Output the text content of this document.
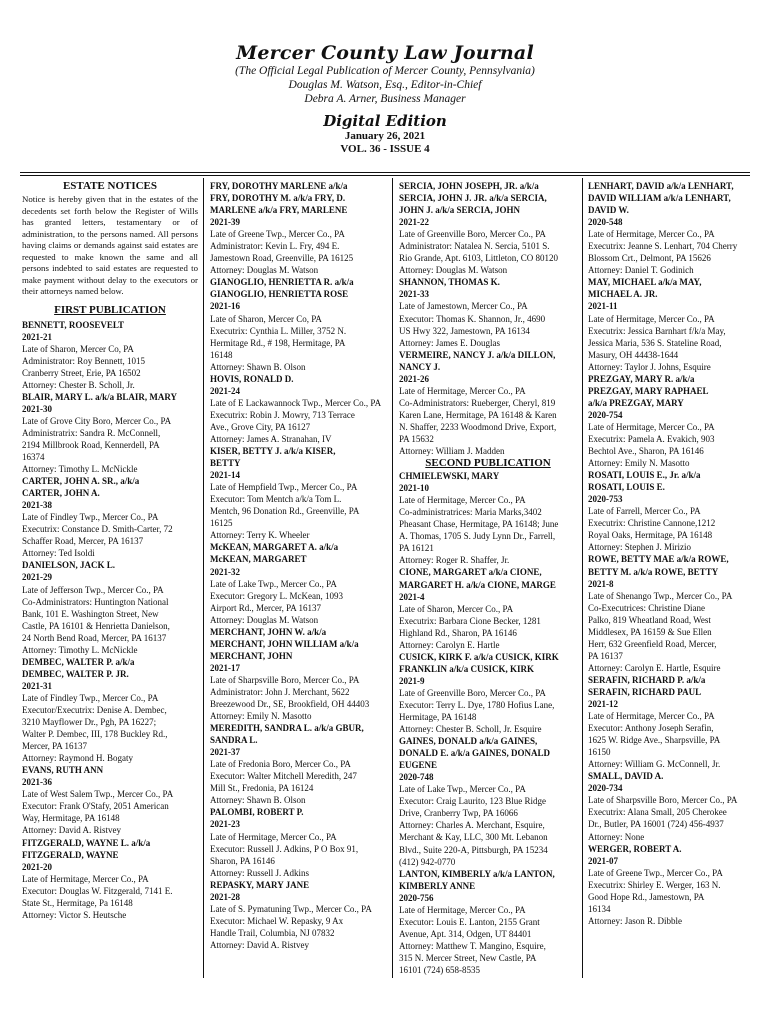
Mercer County Law Journal
(The Official Legal Publication of Mercer County, Pennsylvania)
Douglas M. Watson, Esq., Editor-in-Chief
Debra A. Arner, Business Manager
Digital Edition
January 26, 2021
VOL. 36 - ISSUE 4
ESTATE NOTICES

Notice is hereby given that in the estates of the decedents set forth below the Register of Wills has granted letters, testamentary or of administration, to the persons named. All persons having claims or demands against said estates are requested to make known the same and all persons indebted to said estates are requested to make payment without delay to the executors or their attorneys named below.

FIRST PUBLICATION

BENNETT, ROOSEVELT

2021-21

Late of Sharon, Mercer Co, PA

Administrator: Roy Bennett, 1015

Cranberry Street, Erie, PA 16502

Attorney: Chester B. Scholl, Jr.

BLAIR, MARY L. a/k/a BLAIR, MARY

2021-30

Late of Grove City Boro, Mercer Co., PA

Administratrix: Sandra R. McConnell,

2194 Millbrook Road, Kennerdell, PA

16374

Attorney: Timothy L. McNickle

CARTER, JOHN A. SR., a/k/a

CARTER, JOHN A.

2021-38

Late of Findley Twp., Mercer Co., PA

Executrix: Constance D. Smith-Carter, 72

Schaffer Road, Mercer, PA 16137

Attorney: Ted Isoldi

DANIELSON, JACK L.

2021-29

Late of Jefferson Twp., Mercer Co., PA

Co-Administrators: Huntington National

Bank, 101 E. Washington Street, New

Castle, PA 16101 & Henrietta Danielson,

24 North Bend Road, Mercer, PA 16137

Attorney: Timothy L. McNickle

DEMBEC, WALTER P. a/k/a

DEMBEC, WALTER P. JR.

2021-31

Late of Findley Twp., Mercer Co., PA

Executor/Executrix: Denise A. Dembec,

3210 Mayflower Dr., Pgh, PA 16227;

Walter P. Dembec, III, 178 Buckley Rd.,

Mercer, PA 16137

Attorney: Raymond H. Bogaty

EVANS, RUTH ANN

2021-36

Late of West Salem Twp., Mercer Co., PA

Executor: Frank O'Stafy, 2051 American

Way, Hermitage, PA 16148

Attorney: David A. Ristvey

FITZGERALD, WAYNE L. a/k/a

FITZGERALD, WAYNE

2021-20

Late of Hermitage, Mercer Co., PA

Executor: Douglas W. Fitzgerald, 7141 E.

State St., Hermitage, Pa 16148

Attorney: Victor S. Heutsche

FRY, DOROTHY MARLENE a/k/a

FRY, DOROTHY M. a/k/a FRY, D.

MARLENE a/k/a FRY, MARLENE

2021-39

Late of Greene Twp., Mercer Co., PA

Administrator: Kevin L. Fry, 494 E.

Jamestown Road, Greenville, PA 16125

Attorney: Douglas M. Watson

GIANOGLIO, HENRIETTA R. a/k/a

GIANOGLIO, HENRIETTA ROSE

2021-16

Late of Sharon, Mercer Co, PA

Executrix: Cynthia L. Miller, 3752 N.

Hermitage Rd., # 198, Hermitage, PA

16148

Attorney: Shawn B. Olson

HOVIS, RONALD D.

2021-24

Late of E Lackawannock Twp., Mercer Co., PA

Executrix: Robin J. Mowry, 713 Terrace

Ave., Grove City, PA 16127

Attorney: James A. Stranahan, IV

KISER, BETTY J. a/k/a KISER,

BETTY

2021-14

Late of Hempfield Twp., Mercer Co., PA

Executor: Tom Mentch a/k/a Tom L.

Mentch, 96 Donation Rd., Greenville, PA

16125

Attorney: Terry K. Wheeler

McKEAN, MARGARET A. a/k/a

McKEAN, MARGARET

2021-32

Late of Lake Twp., Mercer Co., PA

Executor: Gregory L. McKean, 1093

Airport Rd., Mercer, PA 16137

Attorney: Douglas M. Watson

MERCHANT, JOHN W. a/k/a

MERCHANT, JOHN WILLIAM a/k/a

MERCHANT, JOHN

2021-17

Late of Sharpsville Boro, Mercer Co., PA

Administrator: John J. Merchant, 5622

Breezewood Dr., SE, Brookfield, OH 44403

Attorney: Emily N. Masotto

MEREDITH, SANDRA L. a/k/a GBUR,

SANDRA L.

2021-37

Late of Fredonia Boro, Mercer Co., PA

Executor: Walter Mitchell Meredith, 247

Mill St., Fredonia, PA 16124

Attorney: Shawn B. Olson

PALOMBI, ROBERT P.

2021-23

Late of Hermitage, Mercer Co., PA

Executor: Russell J. Adkins, P O Box 91,

Sharon, PA 16146

Attorney: Russell J. Adkins

REPASKY, MARY JANE

2021-28

Late of S. Pymatuning Twp., Mercer Co., PA

Executor: Michael W. Repasky, 9 Ax

Handle Trail, Columbia, NJ 07832

Attorney: David A. Ristvey

SERCIA, JOHN JOSEPH, JR. a/k/a

SERCIA, JOHN J. JR. a/k/a SERCIA,

JOHN J. a/k/a SERCIA, JOHN

2021-22

Late of Greenville Boro, Mercer Co., PA

Administrator: Natalea N. Sercia, 5101 S.

Rio Grande, Apt. 6103, Littleton, CO 80120

Attorney: Douglas M. Watson

SHANNON, THOMAS K.

2021-33

Late of Jamestown, Mercer Co., PA

Executor: Thomas K. Shannon, Jr., 4690

US Hwy 322, Jamestown, PA 16134

Attorney: James E. Douglas

VERMEIRE, NANCY J. a/k/a DILLON,

NANCY J.

2021-26

Late of Hermitage, Mercer Co., PA

Co-Administrators: Rueberger, Cheryl, 819

Karen Lane, Hermitage, PA 16148 & Karen

N. Shaffer, 2233 Woodmond Drive, Export,

PA 15632

Attorney: William J. Madden

SECOND PUBLICATION

CHMIELEWSKI, MARY

2021-10

Late of Hermitage, Mercer Co., PA

Co-administratrices: Maria Marks,3402

Pheasant Chase, Hermitage, PA 16148; June

A. Thomas, 1705 S. Judy Lynn Dr., Farrell,

PA 16121

Attorney: Roger R. Shaffer, Jr.

CIONE, MARGARET a/k/a CIONE,

MARGARET H. a/k/a CIONE, MARGE

2021-4

Late of Sharon, Mercer Co., PA

Executrix: Barbara Cione Becker, 1281

Highland Rd., Sharon, PA 16146

Attorney: Carolyn E. Hartle

CUSICK, KIRK F. a/k/a CUSICK, KIRK

FRANKLIN a/k/a CUSICK, KIRK

2021-9

Late of Greenville Boro, Mercer Co., PA

Executor: Terry L. Dye, 1780 Hofius Lane,

Hermitage, PA 16148

Attorney: Chester B. Scholl, Jr. Esquire

GAINES, DONALD a/k/a GAINES,

DONALD E. a/k/a GAINES, DONALD

EUGENE

2020-748

Late of Lake Twp., Mercer Co., PA

Executor: Craig Laurito, 123 Blue Ridge

Drive, Cranberry Twp, PA 16066

Attorney: Charles A. Merchant, Esquire,

Merchant & Kay, LLC, 300 Mt. Lebanon

Blvd., Suite 220-A, Pittsburgh, PA 15234

(412) 942-0770

LANTON, KIMBERLY a/k/a LANTON,

KIMBERLY ANNE

2020-756

Late of Hermitage, Mercer Co., PA

Executor: Louis E. Lanton, 2155 Grant

Avenue, Apt. 314, Odgen, UT 84401

Attorney: Matthew T. Mangino, Esquire,

315 N. Mercer Street, New Castle, PA

16101 (724) 658-8535

LENHART, DAVID a/k/a LENHART,

DAVID WILLIAM a/k/a LENHART,

DAVID W.

2020-548

Late of Hermitage, Mercer Co., PA

Executrix: Jeanne S. Lenhart, 704 Cherry

Blossom Crt., Delmont, PA 15626

Attorney: Daniel T. Godinich

MAY, MICHAEL a/k/a MAY,

MICHAEL A. JR.

2021-11

Late of Hermitage, Mercer Co., PA

Executrix: Jessica Barnhart f/k/a May,

Jessica Maria, 536 S. Stateline Road,

Masury, OH 44438-1644

Attorney: Taylor J. Johns, Esquire

PREZGAY, MARY R. a/k/a

PREZGAY, MARY RAPHAEL

a/k/a PREZGAY, MARY

2020-754

Late of Hermitage, Mercer Co., PA

Executrix: Pamela A. Evakich, 903

Bechtol Ave., Sharon, PA 16146

Attorney: Emily N. Masotto

ROSATI, LOUIS E., Jr. a/k/a

ROSATI, LOUIS E.

2020-753

Late of Farrell, Mercer Co., PA

Executrix: Christine Cannone,1212

Royal Oaks, Hermitage, PA 16148

Attorney: Stephen J. Mirizio

ROWE, BETTY MAE a/k/a ROWE,

BETTY M. a/k/a ROWE, BETTY

2021-8

Late of Shenango Twp., Mercer Co., PA

Co-Executrices: Christine Diane

Palko, 819 Wheatland Road, West

Middlesex, PA 16159 & Sue Ellen

Herr, 632 Greenfield Road, Mercer,

PA 16137

Attorney: Carolyn E. Hartle, Esquire

SERAFIN, RICHARD P. a/k/a

SERAFIN, RICHARD PAUL

2021-12

Late of Hermitage, Mercer Co., PA

Executor: Anthony Joseph Serafin,

1625 W. Ridge Ave., Sharpsville, PA

16150

Attorney: William G. McConnell, Jr.

SMALL, DAVID A.

2020-734

Late of Sharpsville Boro, Mercer Co., PA

Executrix: Alana Small, 205 Cherokee

Dr., Butler, PA 16001 (724) 456-4937

Attorney: None

WERGER, ROBERT A.

2021-07

Late of Greene Twp., Mercer Co., PA

Executrix: Shirley E. Werger, 163 N.

Good Hope Rd., Jamestown, PA

16134

Attorney: Jason R. Dibble
